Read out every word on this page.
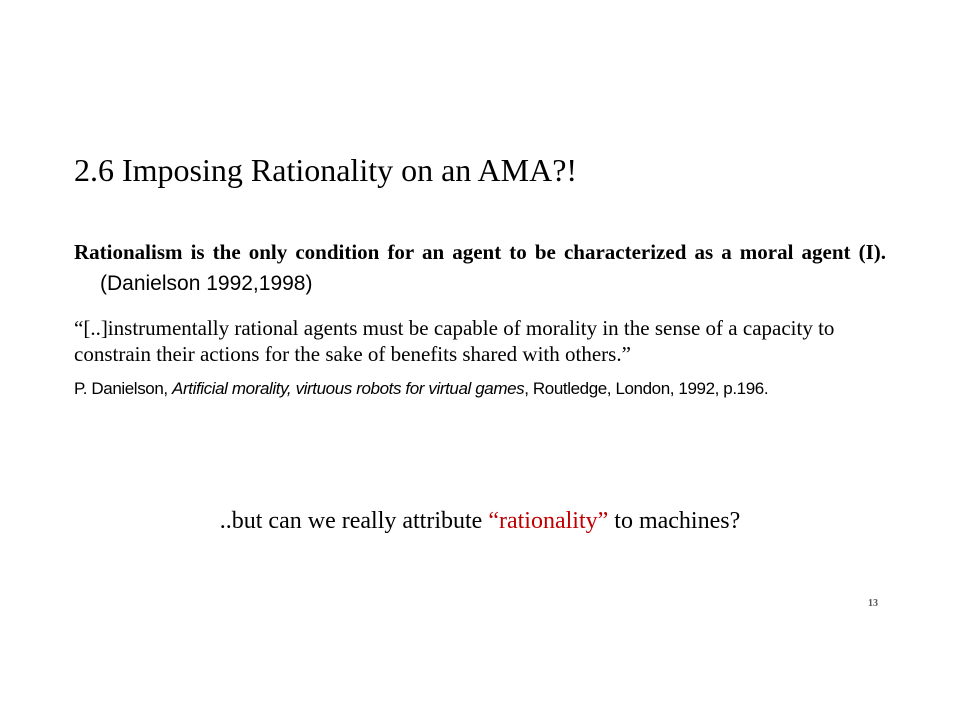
2.6 Imposing Rationality on an AMA?!
Rationalism is the only condition for an agent to be characterized as a moral agent (I).(Danielson 1992,1998)
“[..]instrumentally rational agents must be capable of morality in the sense of a capacity to constrain their actions for the sake of benefits shared with others.”
P. Danielson, Artificial morality, virtuous robots for virtual games, Routledge, London, 1992, p.196.
..but can we really attribute “rationality” to machines?
13
